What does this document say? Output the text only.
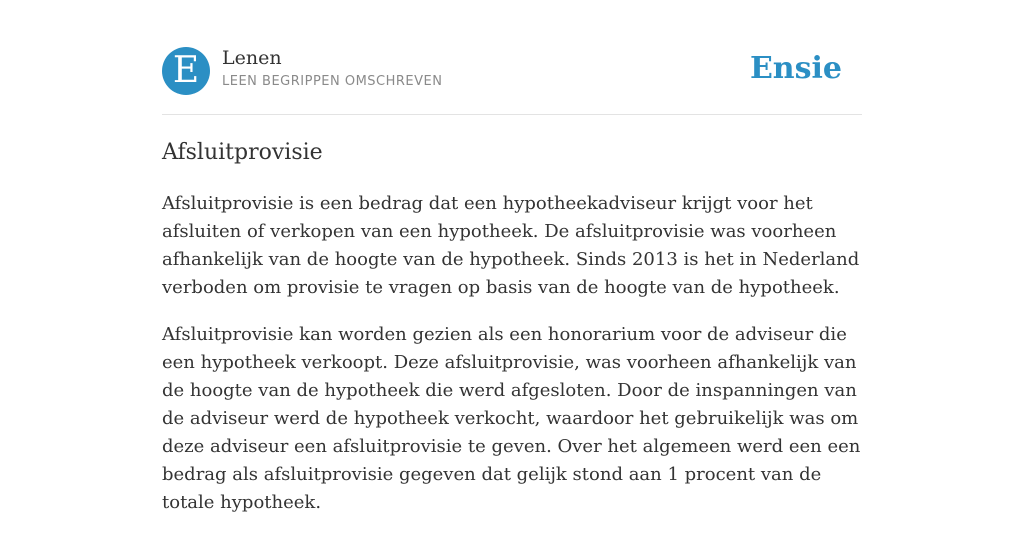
E	Lenen
LEEN BEGRIPPEN OMSCHREVEN	Ensie
Afsluitprovisie

Afsluitprovisie is een bedrag dat een hypotheekadviseur krijgt voor het afsluiten of verkopen van een hypotheek. De afsluitprovisie was voorheen afhankelijk van de hoogte van de hypotheek. Sinds 2013 is het in Nederland verboden om provisie te vragen op basis van de hoogte van de hypotheek.

Afsluitprovisie kan worden gezien als een honorarium voor de adviseur die een hypotheek verkoopt. Deze afsluitprovisie, was voorheen afhankelijk van de hoogte van de hypotheek die werd afgesloten. Door de inspanningen van de adviseur werd de hypotheek verkocht, waardoor het gebruikelijk was om deze adviseur een afsluitprovisie te geven. Over het algemeen werd een een bedrag als afsluitprovisie gegeven dat gelijk stond aan 1 procent van de totale hypotheek.
